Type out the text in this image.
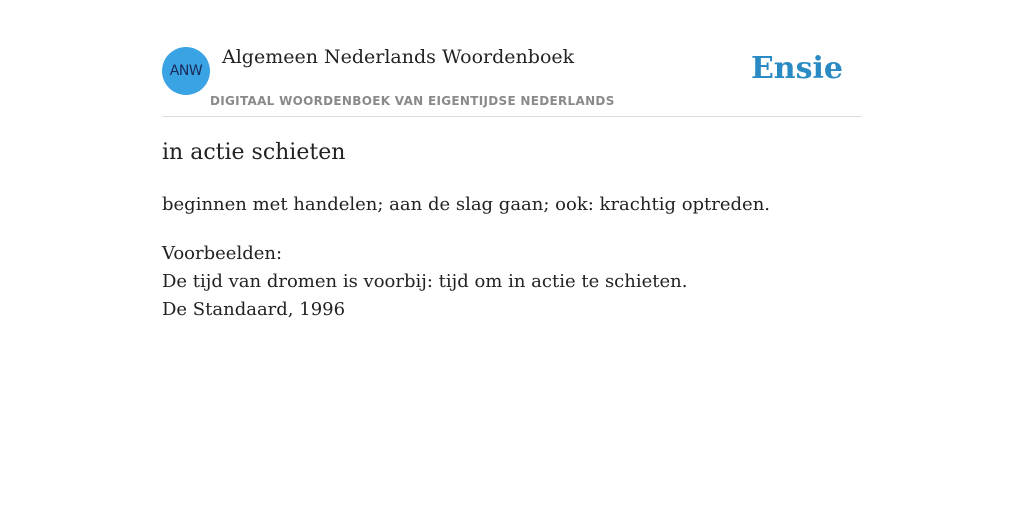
ANW
Algemeen Nederlands Woordenboek
DIGITAAL WOORDENBOEK VAN EIGENTIJDSE NEDERLANDS
Ensie
in actie schieten
beginnen met handelen; aan de slag gaan; ook: krachtig optreden.
Voorbeelden:
De tijd van dromen is voorbij: tijd om in actie te schieten.
De Standaard, 1996
